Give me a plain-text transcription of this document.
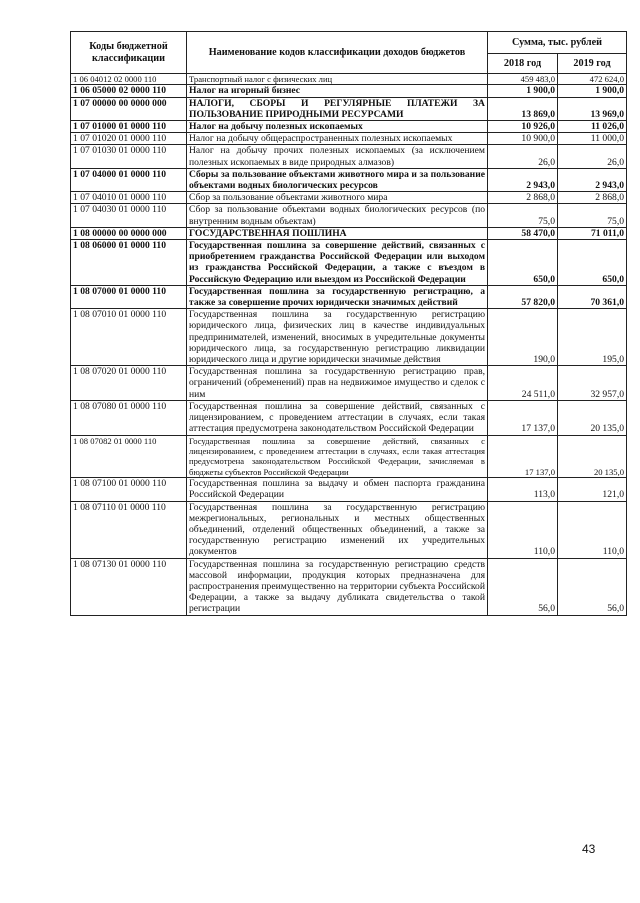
Коды бюджетной классификации	Наименование кодов классификации доходов бюджетов	Сумма, тыс. рублей	
		2018 год	2019 год
1 06 04012 02 0000 110	Транспортный налог с физических лиц	459 483,0	472 624,0
1 06 05000 02 0000 110	Налог на игорный бизнес	1 900,0	1 900,0
1 07 00000 00 0000 000	НАЛОГИ, СБОРЫ И РЕГУЛЯРНЫЕ ПЛАТЕЖИ ЗА ПОЛЬЗОВАНИЕ ПРИРОДНЫМИ РЕСУРСАМИ	13 869,0	13 969,0
1 07 01000 01 0000 110	Налог на добычу полезных ископаемых	10 926,0	11 026,0
1 07 01020 01 0000 110	Налог на добычу общераспространенных полезных ископаемых	10 900,0	11 000,0
1 07 01030 01 0000 110	Налог на добычу прочих полезных ископаемых (за исключением полезных ископаемых в виде природных алмазов)	26,0	26,0
1 07 04000 01 0000 110	Сборы за пользование объектами животного мира и за пользование объектами водных биологических ресурсов	2 943,0	2 943,0
1 07 04010 01 0000 110	Сбор за пользование объектами животного мира	2 868,0	2 868,0
1 07 04030 01 0000 110	Сбор за пользование объектами водных биологических ресурсов (по внутренним водным объектам)	75,0	75,0
1 08 00000 00 0000 000	ГОСУДАРСТВЕННАЯ ПОШЛИНА	58 470,0	71 011,0
1 08 06000 01 0000 110	Государственная пошлина за совершение действий, связанных с приобретением гражданства Российской Федерации или выходом из гражданства Российской Федерации, а также с въездом в Российскую Федерацию или выездом из Российской Федерации	650,0	650,0
1 08 07000 01 0000 110	Государственная пошлина за государственную регистрацию, а также за совершение прочих юридически значимых действий	57 820,0	70 361,0
1 08 07010 01 0000 110	Государственная пошлина за государственную регистрацию юридического лица, физических лиц в качестве индивидуальных предпринимателей, изменений, вносимых в учредительные документы юридического лица, за государственную регистрацию ликвидации юридического лица и другие юридически значимые действия	190,0	195,0
1 08 07020 01 0000 110	Государственная пошлина за государственную регистрацию прав, ограничений (обременений) прав на недвижимое имущество и сделок с ним	24 511,0	32 957,0
1 08 07080 01 0000 110	Государственная пошлина за совершение действий, связанных с лицензированием, с проведением аттестации в случаях, если такая аттестация предусмотрена законодательством Российской Федерации	17 137,0	20 135,0
1 08 07082 01 0000 110	Государственная пошлина за совершение действий, связанных с лицензированием, с проведением аттестации в случаях, если такая аттестация предусмотрена законодательством Российской Федерации, зачисляемая в бюджеты субъектов Российской Федерации	17 137,0	20 135,0
1 08 07100 01 0000 110	Государственная пошлина за выдачу и обмен паспорта гражданина Российской Федерации	113,0	121,0
1 08 07110 01 0000 110	Государственная пошлина за государственную регистрацию межрегиональных, региональных и местных общественных объединений, отделений общественных объединений, а также за государственную регистрацию изменений их учредительных документов	110,0	110,0
1 08 07130 01 0000 110	Государственная пошлина за государственную регистрацию средств массовой информации, продукция которых предназначена для распространения преимущественно на территории субъекта Российской Федерации, а также за выдачу дубликата свидетельства о такой регистрации	56,0	56,0
43
